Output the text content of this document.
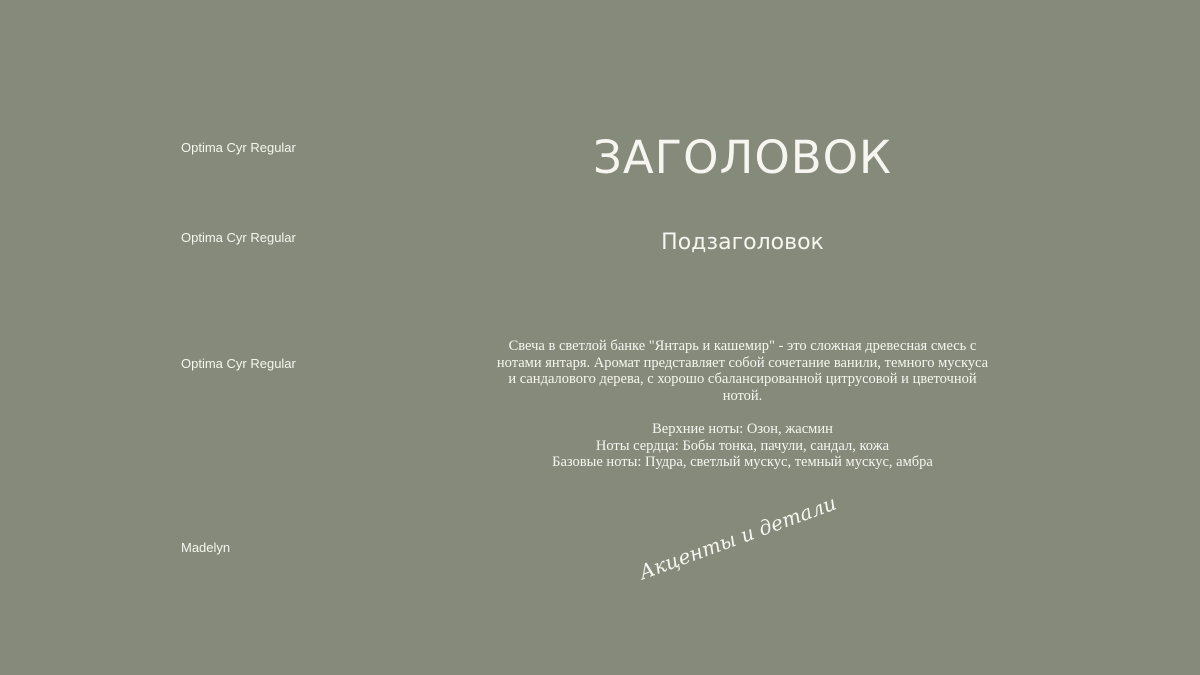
Optima Cyr Regular
Optima Cyr Regular
Optima Cyr Regular
Madelyn
ЗАГОЛОВОК
Подзаголовок
Свеча в светлой банке "Янтарь и кашемир" - это сложная древесная смесь с нотами янтаря. Аромат представляет собой сочетание ванили, темного мускуса и сандалового дерева, с хорошо сбалансированной цитрусовой и цветочной нотой.
Верхние ноты: Озон, жасмин
Ноты сердца: Бобы тонка, пачули, сандал, кожа
Базовые ноты: Пудра, светлый мускус, темный мускус, амбра
Акценты и детали
